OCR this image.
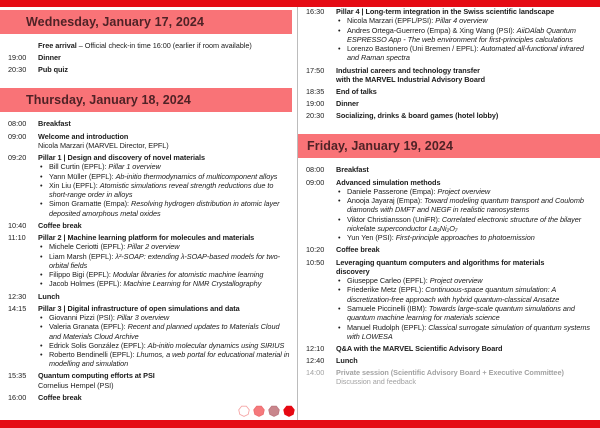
Wednesday, January 17, 2024
Free arrival – Official check-in time 16:00 (earlier if room available)
19:00	Dinner
20:30	Pub quiz
Thursday, January 18, 2024
08:00	Breakfast
09:00	Welcome and introduction
Nicola Marzari (MARVEL Director, EPFL)
09:20	Pillar 1 | Design and discovery of novel materials
• Bill Curtin (EPFL): Pillar 1 overview
• Yann Müller (EPFL): Ab-initio thermodynamics of multicomponent alloys
• Xin Liu (EPFL): Atomistic simulations reveal strength reductions due to short-range order in alloys
• Simon Gramatte (Empa): Resolving hydrogen distribution in atomic layer deposited amorphous metal oxides
10:40	Coffee break
11:10	Pillar 2 | Machine learning platform for molecules and materials
• Michele Ceriotti (EPFL): Pillar 2 overview
• Liam Marsh (EPFL): λ²-SOAP: extending λ-SOAP-based models for two-orbital fields
• Filippo Bigi (EPFL): Modular libraries for atomistic machine learning
• Jacob Holmes (EPFL): Machine Learning for NMR Crystallography
12:30	Lunch
14:15	Pillar 3 | Digital infrastructure of open simulations and data
• Giovanni Pizzi (PSI): Pillar 3 overview
• Valeria Granata (EPFL): Recent and planned updates to Materials Cloud and Materials Cloud Archive
• Edrick Solis González (EPFL): Ab-initio molecular dynamics using SIRIUS
• Roberto Bendinelli (EPFL): Lhumos, a web portal for educational material in modelling and simulation
15:35	Quantum computing efforts at PSI
Cornelius Hempel (PSI)
16:00	Coffee break
16:30	Pillar 4 | Long-term integration in the Swiss scientific landscape
• Nicola Marzari (EPFL/PSI): Pillar 4 overview
• Andres Ortega-Guerrero (Empa) & Xing Wang (PSI): AiiDAlab Quantum ESPRESSO App - The web environment for first-principles calculations
• Lorenzo Bastonero (Uni Bremen / EPFL): Automated all-functional infrared and Raman spectra
17:50	Industrial careers and technology transfer
with the MARVEL Industrial Advisory Board
18:35	End of talks
19:00	Dinner
20:30	Socializing, drinks & board games (hotel lobby)
Friday, January 19, 2024
08:00	Breakfast
09:00	Advanced simulation methods
• Daniele Passerone (Empa): Project overview
• Anooja Jayaraj (Empa): Toward modeling quantum transport and Coulomb diamonds with DMFT and NEGF in realistic nanosystems
• Viktor Christiansson (UniFR): Correlated electronic structure of the bilayer nickelate superconductor La₃Ni₂O₇
• Yun Yen (PSI): First-principle approaches to photoemission
10:20	Coffee break
10:50	Leveraging quantum computers and algorithms for materials
discovery
• Giuseppe Carleo (EPFL): Project overview
• Friederike Metz (EPFL): Continuous-space quantum simulation: A discretization-free approach with hybrid quantum-classical Ansatze
• Samuele Piccinelli (IBM): Towards large-scale quantum simulations and quantum machine learning for materials science
• Manuel Rudolph (EPFL): Classical surrogate simulation of quantum systems with LOWESA
12:10	Q&A with the MARVEL Scientific Advisory Board
12:40	Lunch
14:00	Private session (Scientific Advisory Board + Executive Committee)
Discussion and feedback
